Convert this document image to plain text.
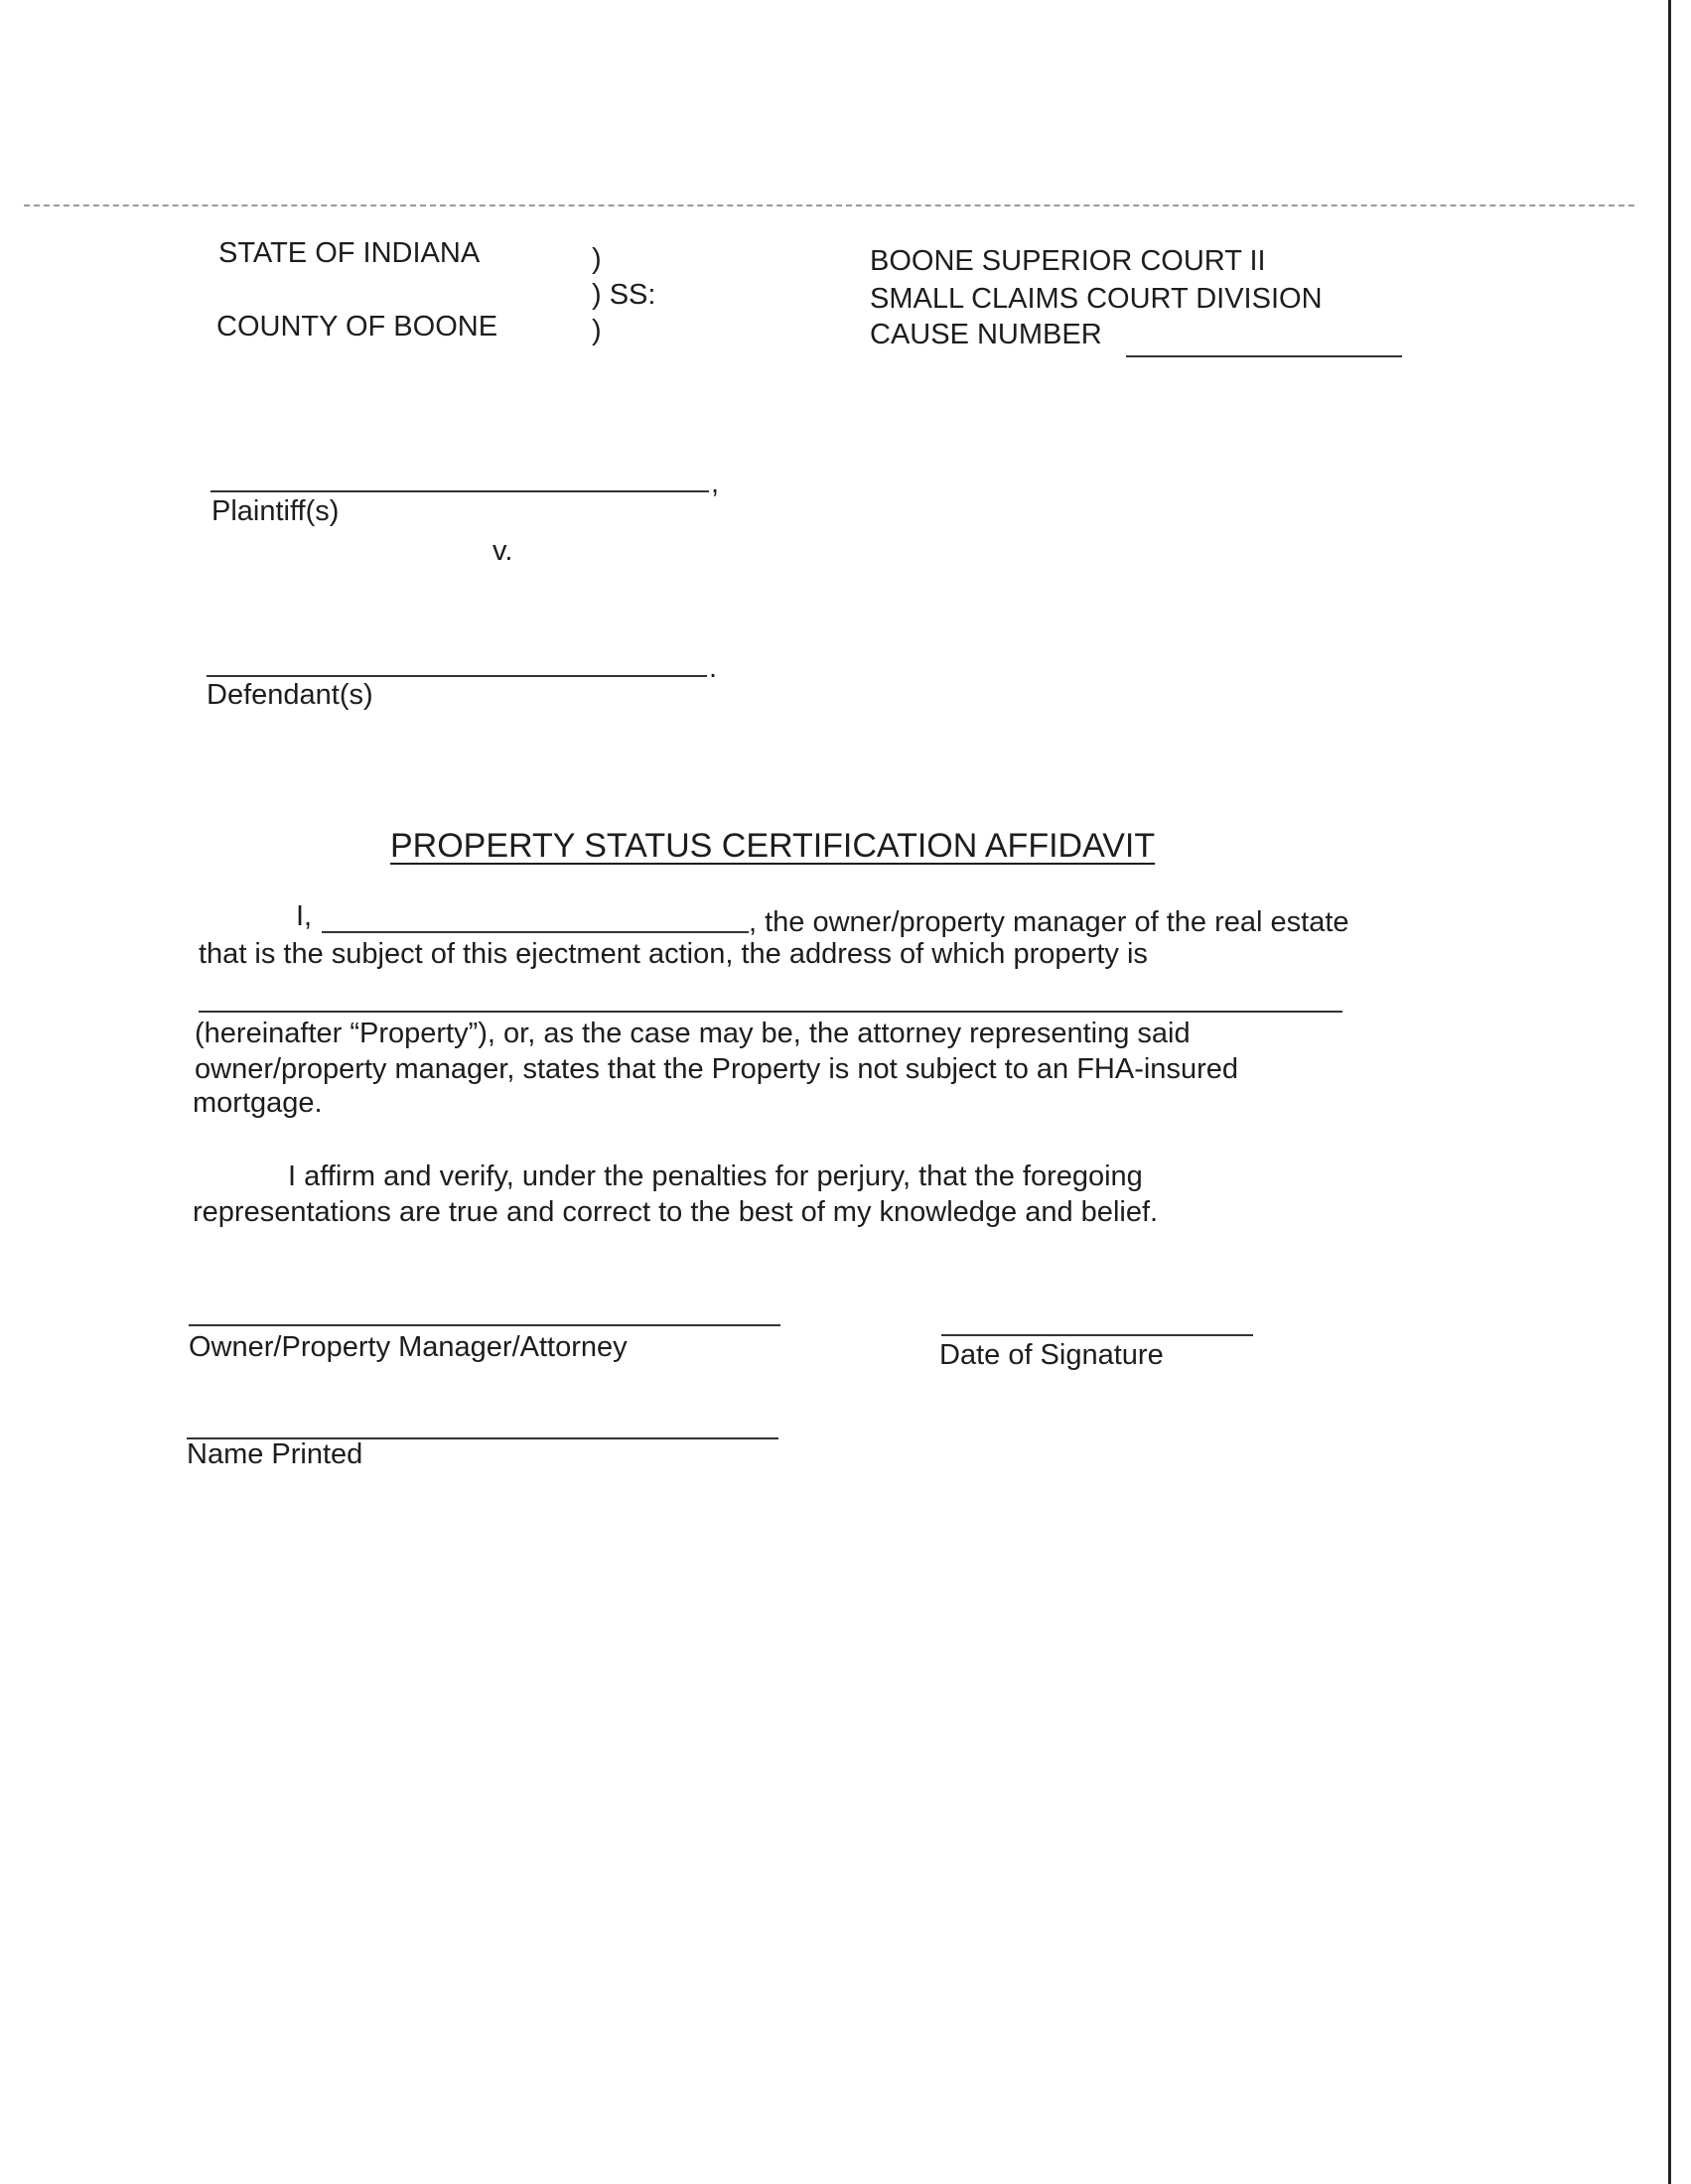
STATE OF INDIANA
COUNTY OF BOONE
)
) SS:
)
BOONE SUPERIOR COURT II
SMALL CLAIMS COURT DIVISION
CAUSE NUMBER
,
Plaintiff(s)
v.
.
Defendant(s)
PROPERTY STATUS CERTIFICATION AFFIDAVIT
I,	, the owner/property manager of the real estate
that is the subject of this ejectment action, the address of which property is
(hereinafter “Property”), or, as the case may be, the attorney representing said
owner/property manager, states that the Property is not subject to an FHA-insured
mortgage.
I affirm and verify, under the penalties for perjury, that the foregoing
representations are true and correct to the best of my knowledge and belief.
Owner/Property Manager/Attorney	Date of Signature
Name Printed
